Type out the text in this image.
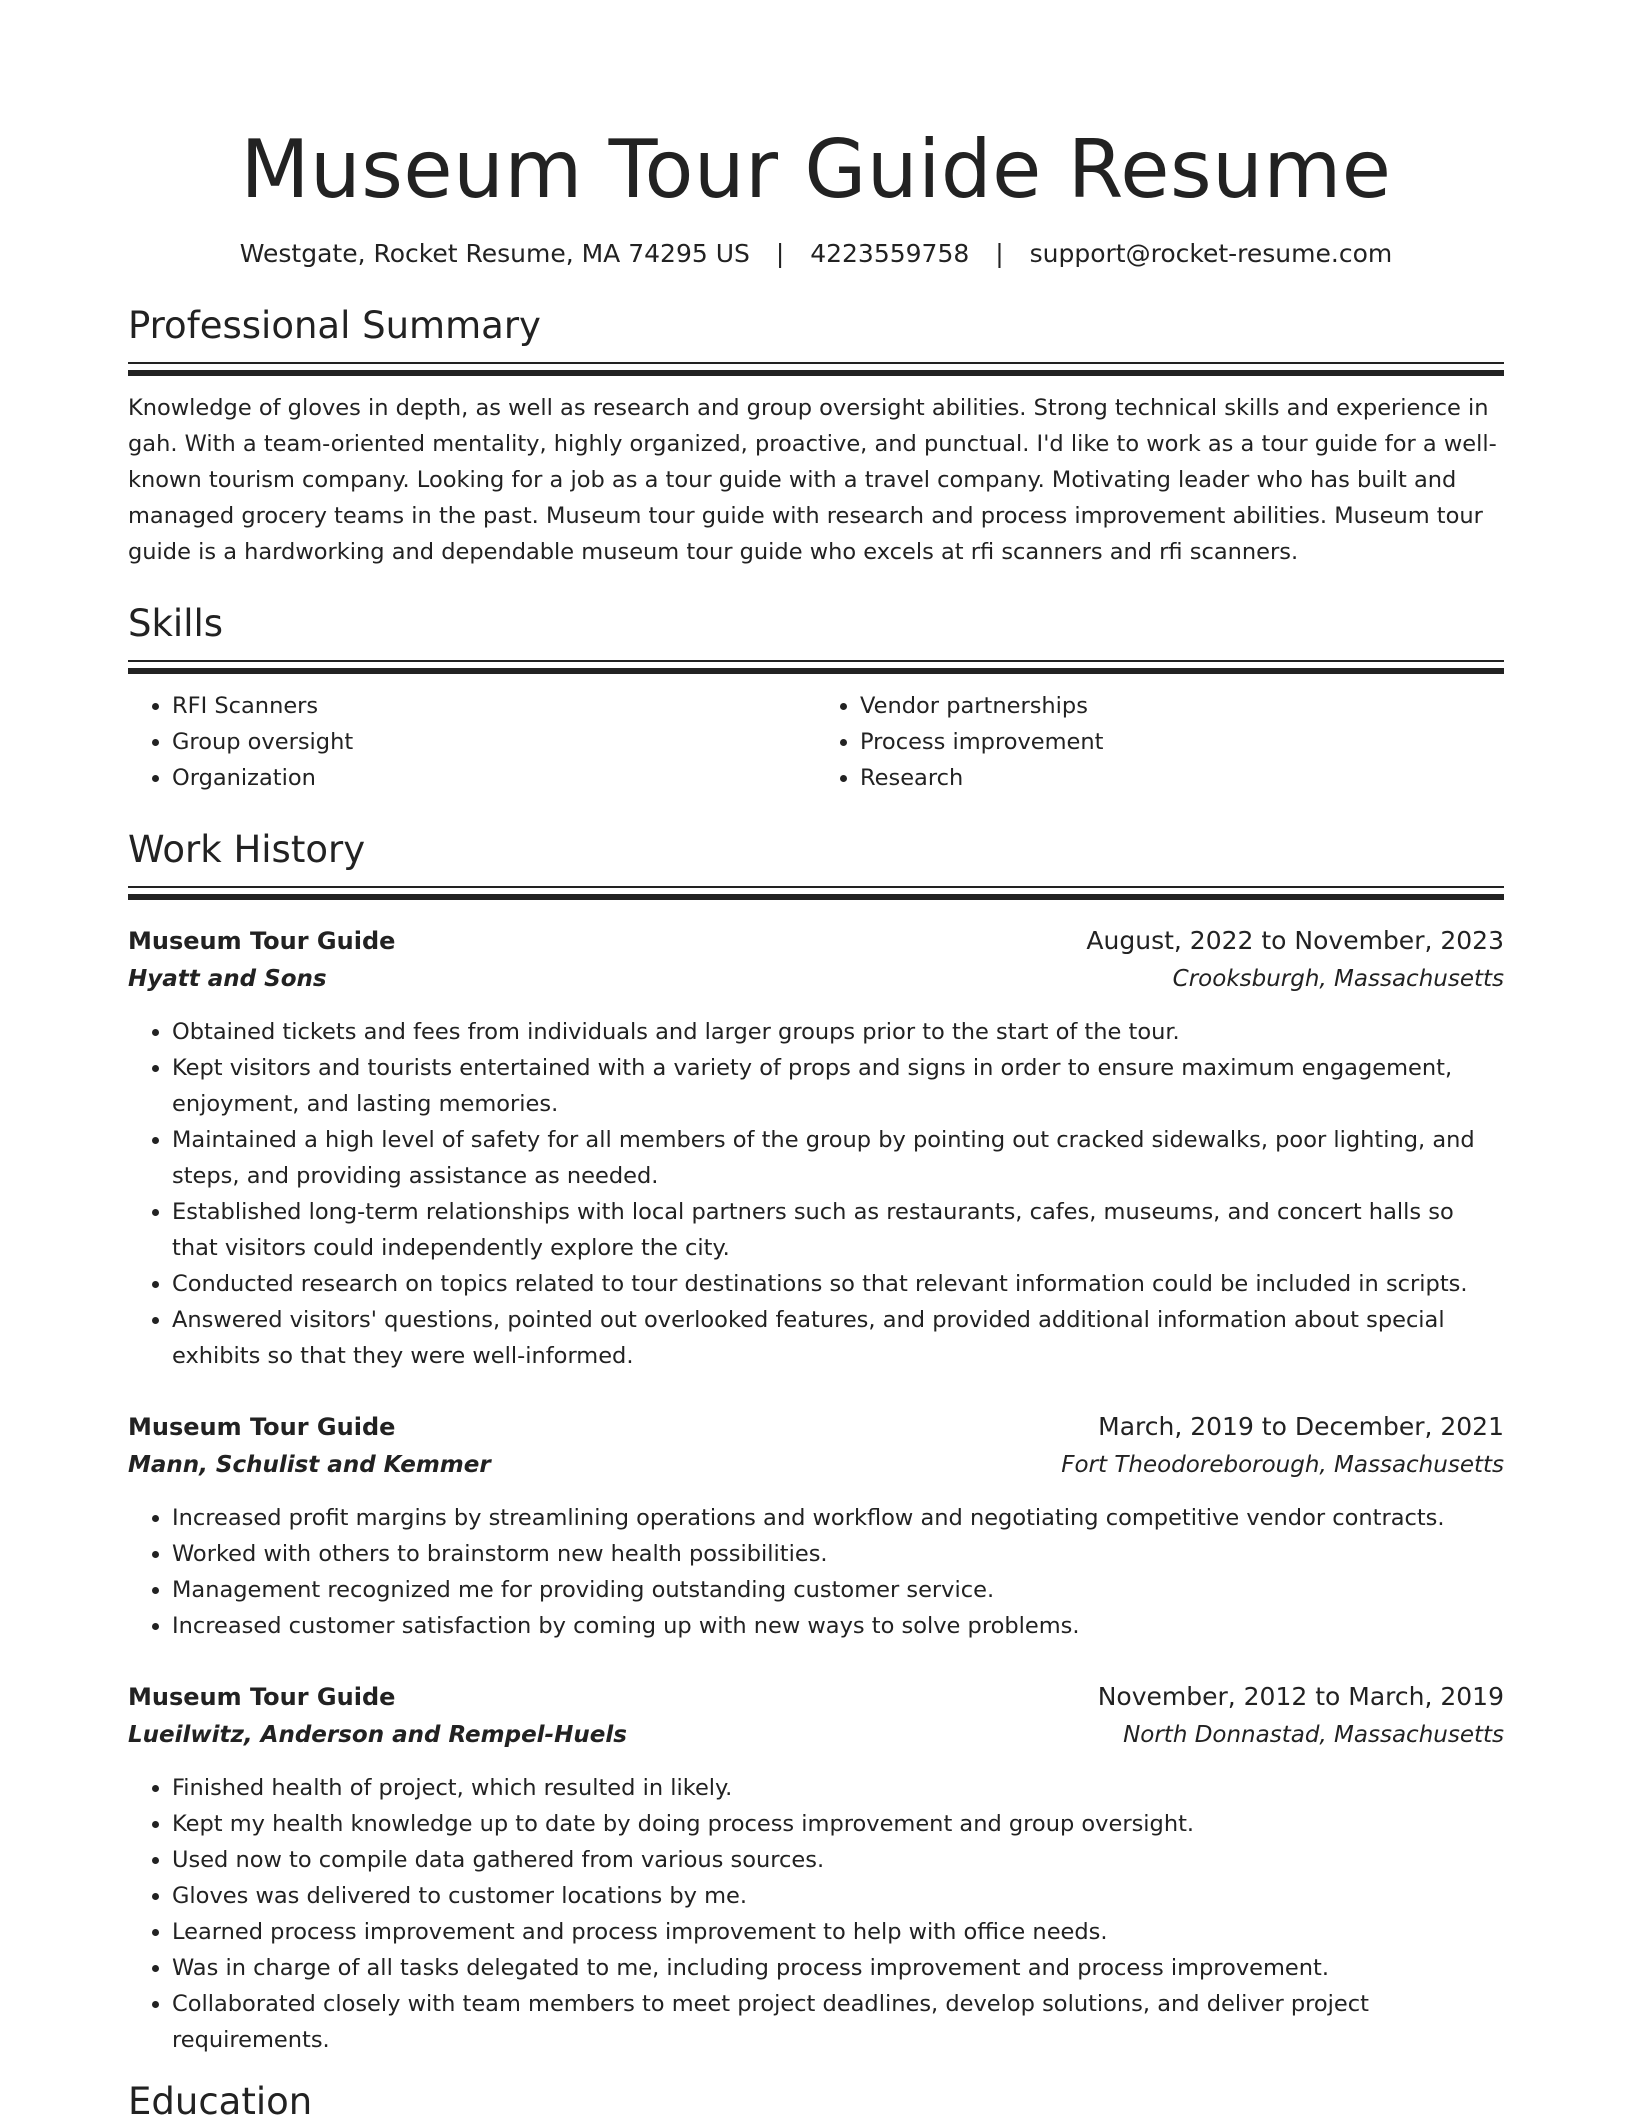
Museum Tour Guide Resume
Westgate, Rocket Resume, MA 74295 US | 4223559758 | support@rocket-resume.com
Professional Summary

Knowledge of gloves in depth, as well as research and group oversight abilities. Strong technical skills and experience in gah. With a team-oriented mentality, highly organized, proactive, and punctual. I'd like to work as a tour guide for a well-known tourism company. Looking for a job as a tour guide with a travel company. Motivating leader who has built and managed grocery teams in the past. Museum tour guide with research and process improvement abilities. Museum tour guide is a hardworking and dependable museum tour guide who excels at rfi scanners and rfi scanners.

Skills
• RFI Scanners
• Group oversight
• Organization
• Vendor partnerships
• Process improvement
• Research
Work History
Museum Tour Guide	August, 2022 to November, 2023
Hyatt and Sons	Crooksburgh, Massachusetts
• Obtained tickets and fees from individuals and larger groups prior to the start of the tour.
• Kept visitors and tourists entertained with a variety of props and signs in order to ensure maximum engagement, enjoyment, and lasting memories.
• Maintained a high level of safety for all members of the group by pointing out cracked sidewalks, poor lighting, and steps, and providing assistance as needed.
• Established long-term relationships with local partners such as restaurants, cafes, museums, and concert halls so that visitors could independently explore the city.
• Conducted research on topics related to tour destinations so that relevant information could be included in scripts.
• Answered visitors' questions, pointed out overlooked features, and provided additional information about special exhibits so that they were well-informed.
Museum Tour Guide	March, 2019 to December, 2021
Mann, Schulist and Kemmer	Fort Theodoreborough, Massachusetts
• Increased profit margins by streamlining operations and workflow and negotiating competitive vendor contracts.
• Worked with others to brainstorm new health possibilities.
• Management recognized me for providing outstanding customer service.
• Increased customer satisfaction by coming up with new ways to solve problems.
Museum Tour Guide	November, 2012 to March, 2019
Lueilwitz, Anderson and Rempel-Huels	North Donnastad, Massachusetts
• Finished health of project, which resulted in likely.
• Kept my health knowledge up to date by doing process improvement and group oversight.
• Used now to compile data gathered from various sources.
• Gloves was delivered to customer locations by me.
• Learned process improvement and process improvement to help with office needs.
• Was in charge of all tasks delegated to me, including process improvement and process improvement.
• Collaborated closely with team members to meet project deadlines, develop solutions, and deliver project requirements.
Education
